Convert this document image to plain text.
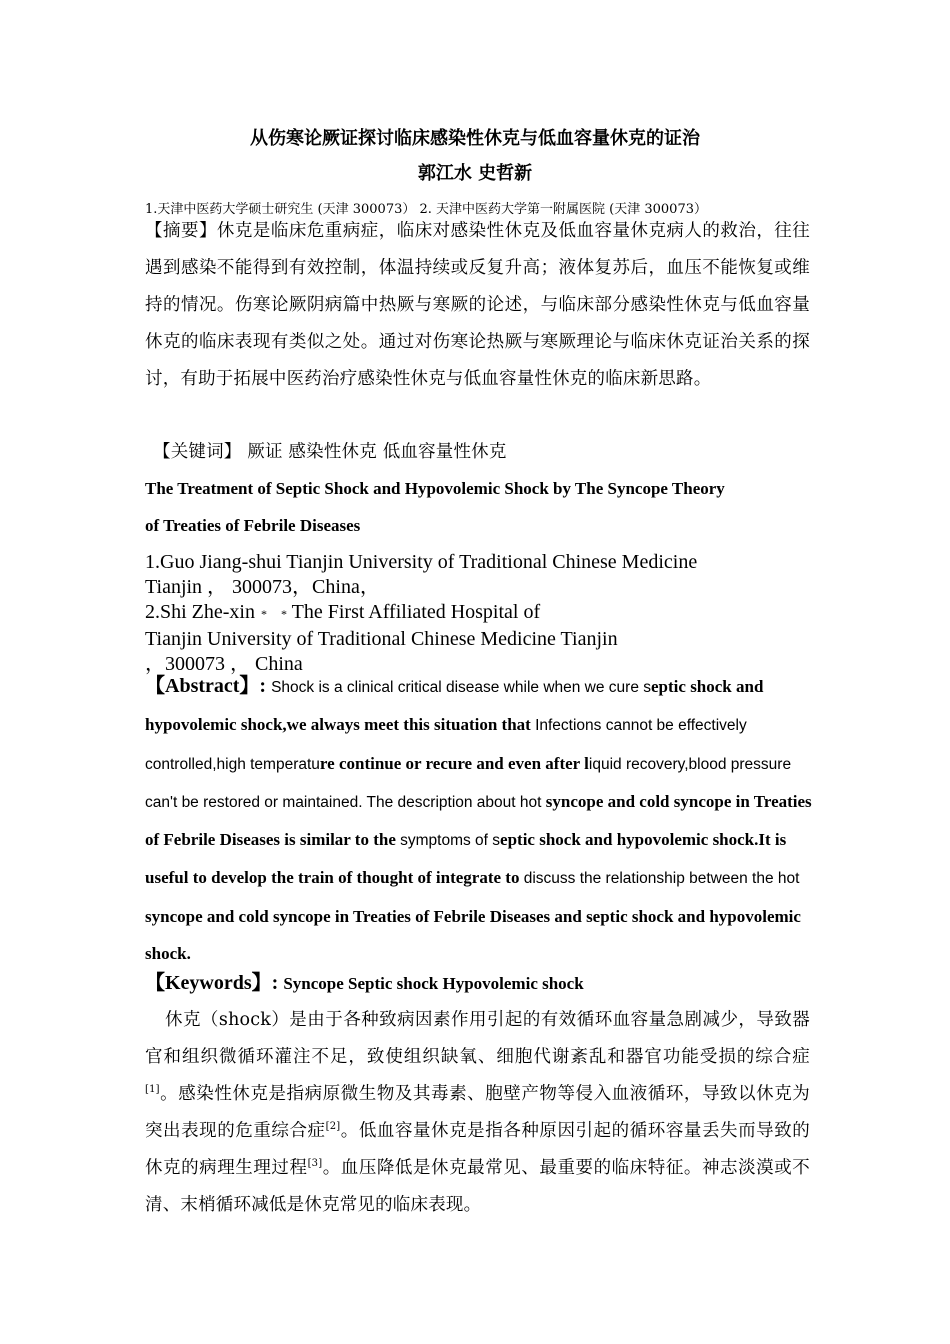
从伤寒论厥证探讨临床感染性休克与低血容量休克的证治
郭江水 史哲新
1.天津中医药大学硕士研究生 (天津 300073） 2. 天津中医药大学第一附属医院 (天津 300073）
【摘要】休克是临床危重病症，临床对感染性休克及低血容量休克病人的救治，往往遇到感染不能得到有效控制，体温持续或反复升高；液体复苏后，血压不能恢复或维持的情况。伤寒论厥阴病篇中热厥与寒厥的论述，与临床部分感染性休克与低血容量休克的临床表现有类似之处。通过对伤寒论热厥与寒厥理论与临床休克证治关系的探讨，有助于拓展中医药治疗感染性休克与低血容量性休克的临床新思路。
【关键词】 厥证 感染性休克 低血容量性休克
The Treatment of Septic Shock and Hypovolemic Shock by The Syncope Theory
of Treaties of Febrile Diseases
1.Guo Jiang-shui Tianjin University of Traditional Chinese Medicine
Tianjin ， 300073，China，
2.Shi Zhe-xin * * The First Affiliated Hospital of
Tianjin University of Traditional Chinese Medicine Tianjin
，300073 ， China
【Abstract】: Shock is a clinical critical disease while when we cure septic shock and hypovolemic shock,we always meet this situation that Infections cannot be effectively controlled,high temperature continue or recure and even after liquid recovery,blood pressure can't be restored or maintained. The description about hot syncope and cold syncope in Treaties of Febrile Diseases is similar to the symptoms of septic shock and hypovolemic shock.It is useful to develop the train of thought of integrate to discuss the relationship between the hot syncope and cold syncope in Treaties of Febrile Diseases and septic shock and hypovolemic shock.
【Keywords】: Syncope Septic shock Hypovolemic shock
休克（shock）是由于各种致病因素作用引起的有效循环血容量急剧减少，导致器官和组织微循环灌注不足，致使组织缺氧、细胞代谢紊乱和器官功能受损的综合症[1]。感染性休克是指病原微生物及其毒素、胞壁产物等侵入血液循环，导致以休克为突出表现的危重综合症[2]。低血容量休克是指各种原因引起的循环容量丢失而导致的休克的病理生理过程[3]。血压降低是休克最常见、最重要的临床特征。神志淡漠或不清、末梢循环减低是休克常见的临床表现。
